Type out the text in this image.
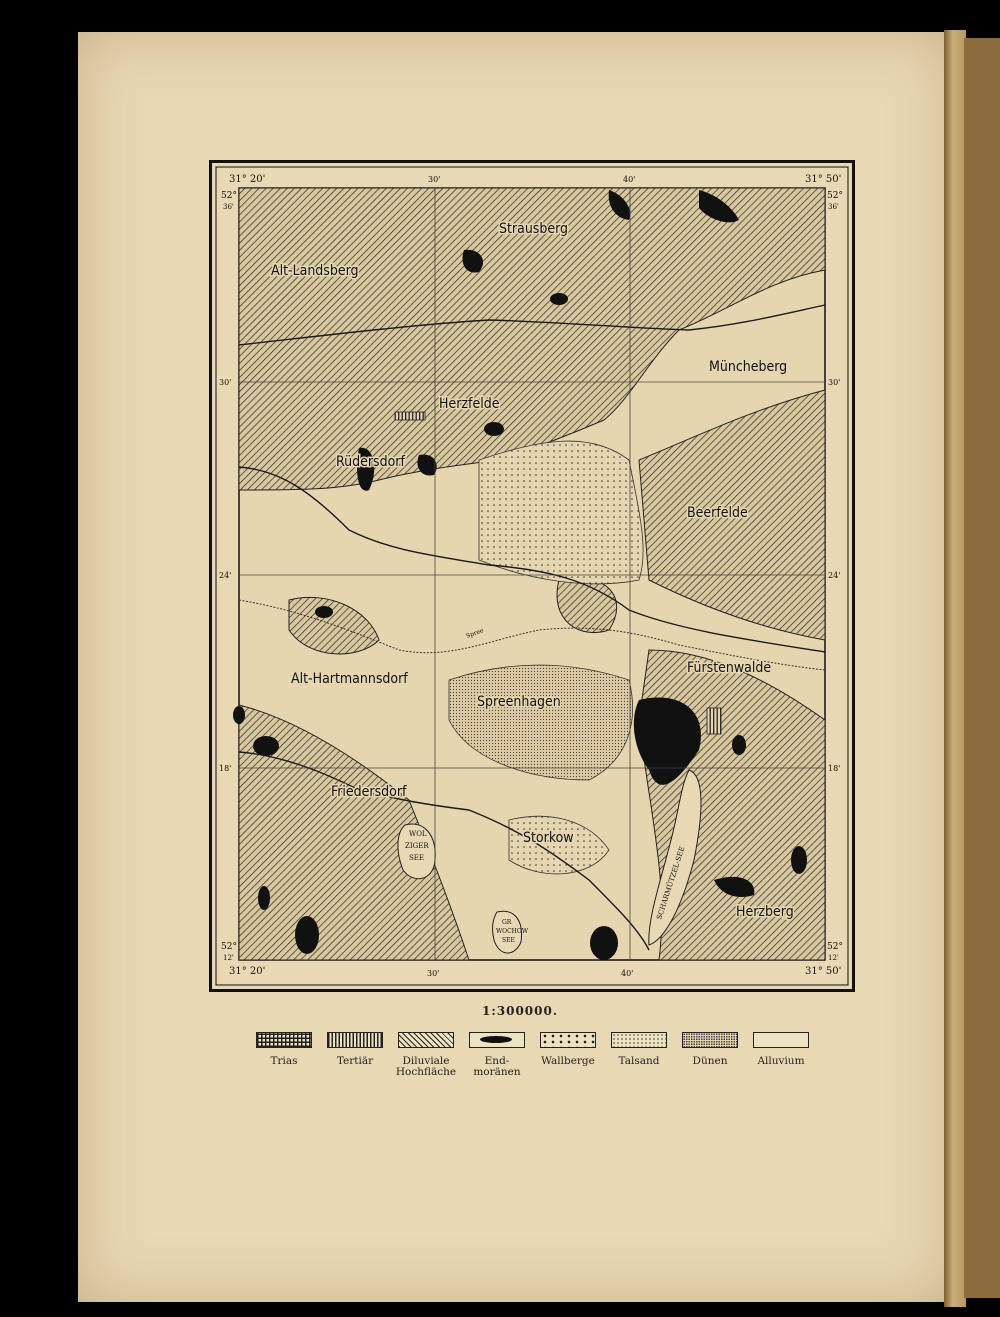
31° 20'	30'	40'	31° 50'
31° 20'	30'	40'	31° 50'
52°
36'
52°
36'
30'	30'
24'	24'
18'	18'
52°
12'
52°
12'
Strausberg
Alt-Landsberg
Müncheberg
Herzfelde
Rüdersdorf
Beerfelde
Alt-Hartmannsdorf
Fürstenwalde
Spreenhagen
Friedersdorf
Storkow
Herzberg
WOL
ZIGER
SEE
GR
WOCHOW
SEE
SCHARMÜTZEL-SEE
Spree
1:300000.
Trias	Tertiär	Diluviale
Hochfläche
End-
moränen
Wallberge	Talsand	Dünen	Alluvium
